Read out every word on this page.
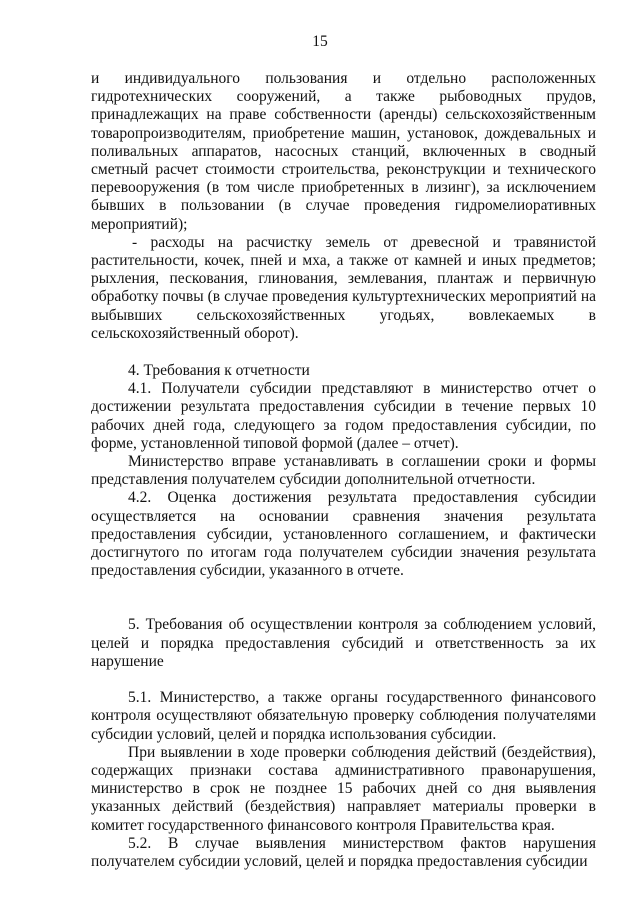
15

и индивидуального пользования и отдельно расположенных гидротехнических сооружений, а также рыбоводных прудов, принадлежащих на праве собственности (аренды) сельскохозяйственным товаропроизводителям, приобретение машин, установок, дождевальных и поливальных аппаратов, насосных станций, включенных в сводный сметный расчет стоимости строительства, реконструкции и технического перевооружения (в том числе приобретенных в лизинг), за исключением бывших в пользовании (в случае проведения гидромелиоративных мероприятий);

- расходы на расчистку земель от древесной и травянистой растительности, кочек, пней и мха, а также от камней и иных предметов; рыхления, пескования, глинования, землевания, плантаж и первичную обработку почвы (в случае проведения культуртехнических мероприятий на выбывших сельскохозяйственных угодьях, вовлекаемых в сельскохозяйственный оборот).

4. Требования к отчетности

4.1. Получатели субсидии представляют в министерство отчет о достижении результата предоставления субсидии в течение первых 10 рабочих дней года, следующего за годом предоставления субсидии, по форме, установленной типовой формой (далее – отчет).

Министерство вправе устанавливать в соглашении сроки и формы представления получателем субсидии дополнительной отчетности.

4.2. Оценка достижения результата предоставления субсидии осуществляется на основании сравнения значения результата предоставления субсидии, установленного соглашением, и фактически достигнутого по итогам года получателем субсидии значения результата предоставления субсидии, указанного в отчете.

5. Требования об осуществлении контроля за соблюдением условий, целей и порядка предоставления субсидий и ответственность за их нарушение

5.1. Министерство, а также органы государственного финансового контроля осуществляют обязательную проверку соблюдения получателями субсидии условий, целей и порядка использования субсидии.

При выявлении в ходе проверки соблюдения действий (бездействия), содержащих признаки состава административного правонарушения, министерство в срок не позднее 15 рабочих дней со дня выявления указанных действий (бездействия) направляет материалы проверки в комитет государственного финансового контроля Правительства края.

5.2. В случае выявления министерством фактов нарушения получателем субсидии условий, целей и порядка предоставления субсидии
